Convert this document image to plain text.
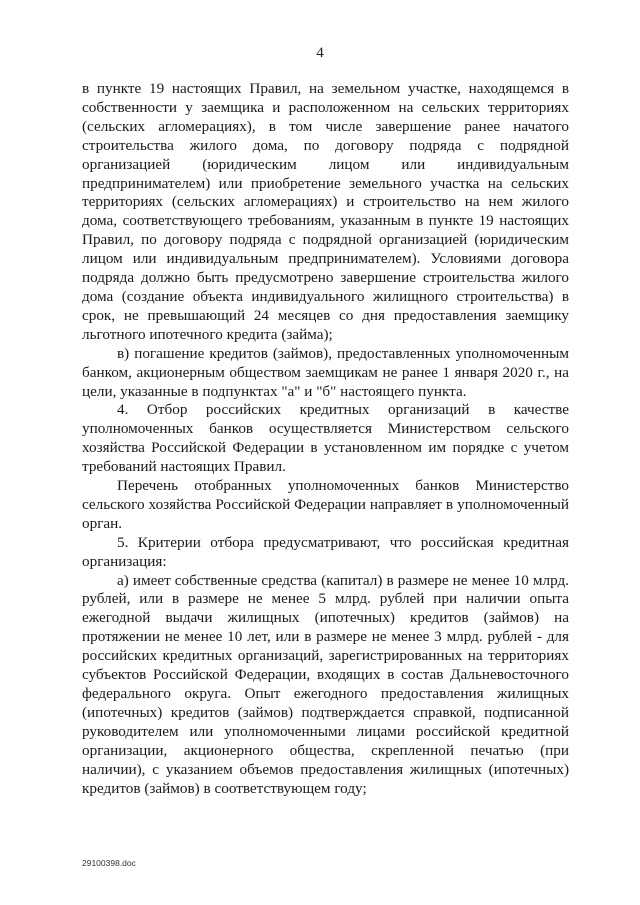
4

в пункте 19 настоящих Правил, на земельном участке, находящемся в собственности у заемщика и расположенном на сельских территориях (сельских агломерациях), в том числе завершение ранее начатого строительства жилого дома, по договору подряда с подрядной организацией (юридическим лицом или индивидуальным предпринимателем) или приобретение земельного участка на сельских территориях (сельских агломерациях) и строительство на нем жилого дома, соответствующего требованиям, указанным в пункте 19 настоящих Правил, по договору подряда с подрядной организацией (юридическим лицом или индивидуальным предпринимателем). Условиями договора подряда должно быть предусмотрено завершение строительства жилого дома (создание объекта индивидуального жилищного строительства) в срок, не превышающий 24 месяцев со дня предоставления заемщику льготного ипотечного кредита (займа);

в) погашение кредитов (займов), предоставленных уполномоченным банком, акционерным обществом заемщикам не ранее 1 января 2020 г., на цели, указанные в подпунктах "а" и "б" настоящего пункта.

4. Отбор российских кредитных организаций в качестве уполномоченных банков осуществляется Министерством сельского хозяйства Российской Федерации в установленном им порядке с учетом требований настоящих Правил.

Перечень отобранных уполномоченных банков Министерство сельского хозяйства Российской Федерации направляет в уполномоченный орган.

5. Критерии отбора предусматривают, что российская кредитная организация:

а) имеет собственные средства (капитал) в размере не менее 10 млрд. рублей, или в размере не менее 5 млрд. рублей при наличии опыта ежегодной выдачи жилищных (ипотечных) кредитов (займов) на протяжении не менее 10 лет, или в размере не менее 3 млрд. рублей - для российских кредитных организаций, зарегистрированных на территориях субъектов Российской Федерации, входящих в состав Дальневосточного федерального округа. Опыт ежегодного предоставления жилищных (ипотечных) кредитов (займов) подтверждается справкой, подписанной руководителем или уполномоченными лицами российской кредитной организации, акционерного общества, скрепленной печатью (при наличии), с указанием объемов предоставления жилищных (ипотечных) кредитов (займов) в соответствующем году;

29100398.doc
